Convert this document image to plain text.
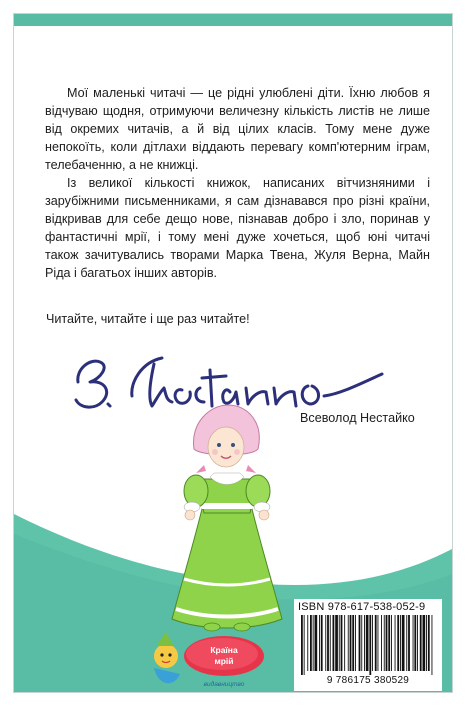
Мої маленькі читачі — це рідні улюблені діти. Їхню любов я відчуваю щодня, отримуючи величезну кількість листів не лише від окремих читачів, а й від цілих класів. Тому мене дуже непокоїть, коли дітлахи віддають перевагу комп'ютерним іграм, телебаченню, а не книжці.

Із великої кількості книжок, написаних вітчизняними і зарубіжними письменниками, я сам дізнавався про різні країни, відкривав для себе дещо нове, пізнавав добро і зло, поринав у фантастичні мрії, і тому мені дуже хочеться, щоб юні читачі також зачитувались творами Марка Твена, Жуля Верна, Майн Ріда і багатьох інших авторів.

Читайте, читайте і ще раз читайте!
Всеволод Нестайко
Країна
мрій
видавництво
ISBN 978-617-538-052-9
9 786175 380529
